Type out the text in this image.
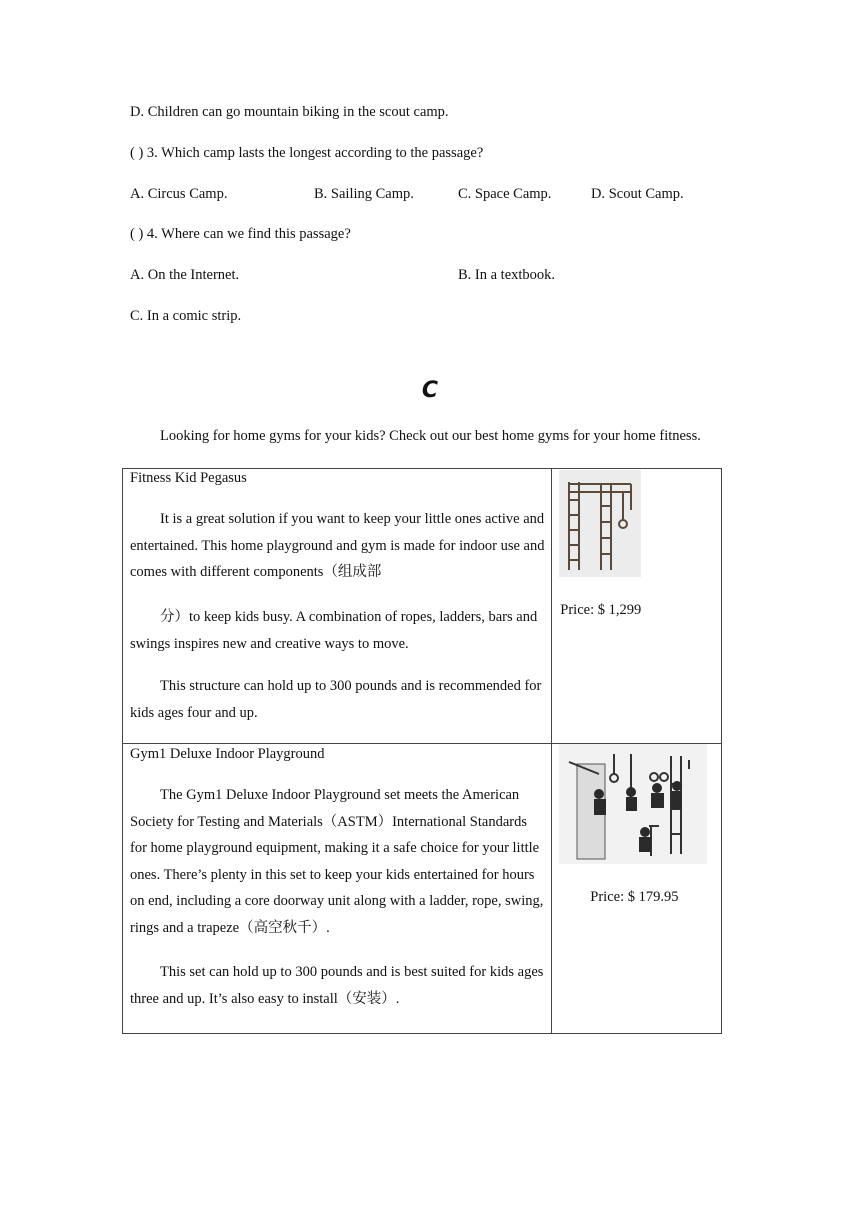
D. Children can go mountain biking in the scout camp.
( ) 3. Which camp lasts the longest according to the passage?
A. Circus Camp.	B. Sailing Camp.	C. Space Camp.	D. Scout Camp.
( ) 4. Where can we find this passage?
A. On the Internet.	B. In a textbook.
C. In a comic strip.
C
Looking for home gyms for your kids? Check out our best home gyms for your home fitness.
Fitness Kid Pegasus
It is a great solution if you want to keep your little ones active and entertained. This home playground and gym is made for indoor use and comes with different components（组成部
分）to keep kids busy. A combination of ropes, ladders, bars and swings inspires new and creative ways to move.
This structure can hold up to 300 pounds and is recommended for kids ages four and up.	Price: $ 1,299

Gym1 Deluxe Indoor Playground
The Gym1 Deluxe Indoor Playground set meets the American Society for Testing and Materials（ASTM）International Standards for home playground equipment, making it a safe choice for your little ones. There’s plenty in this set to keep your kids entertained for hours on end, including a core doorway unit along with a ladder, rope, swing, rings and a trapeze（高空秋千）.
This set can hold up to 300 pounds and is best suited for kids ages three and up. It’s also easy to install（安装）.	Price: $ 179.95
